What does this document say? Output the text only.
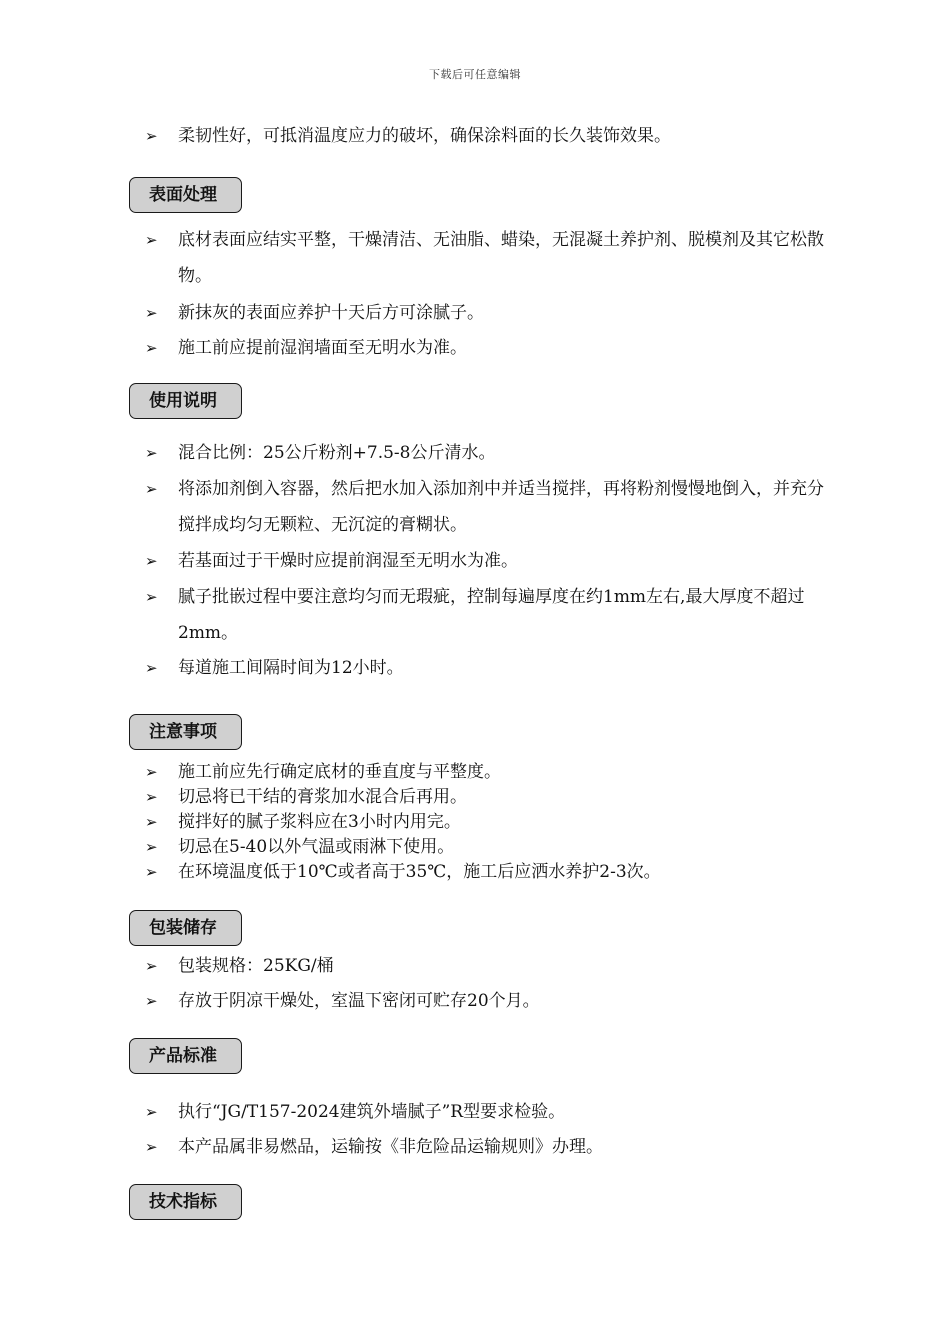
下载后可任意编辑
➢ 柔韧性好，可抵消温度应力的破坏，确保涂料面的长久装饰效果。
表面处理
➢ 底材表面应结实平整，干燥清洁、无油脂、蜡染，无混凝土养护剂、脱模剂及其它松散物。
➢ 新抹灰的表面应养护十天后方可涂腻子。
➢ 施工前应提前湿润墙面至无明水为准。
使用说明
➢ 混合比例：25公斤粉剂+7.5-8公斤清水。
➢ 将添加剂倒入容器，然后把水加入添加剂中并适当搅拌，再将粉剂慢慢地倒入，并充分搅拌成均匀无颗粒、无沉淀的膏糊状。
➢ 若基面过于干燥时应提前润湿至无明水为准。
➢ 腻子批嵌过程中要注意均匀而无瑕疵，控制每遍厚度在约1mm左右,最大厚度不超过2mm。
➢ 每道施工间隔时间为12小时。
注意事项
➢ 施工前应先行确定底材的垂直度与平整度。
➢ 切忌将已干结的膏浆加水混合后再用。
➢ 搅拌好的腻子浆料应在3小时内用完。
➢ 切忌在5-40以外气温或雨淋下使用。
➢ 在环境温度低于10℃或者高于35℃，施工后应洒水养护2-3次。
包装储存
➢ 包装规格：25KG/桶
➢ 存放于阴凉干燥处，室温下密闭可贮存20个月。
产品标准
➢ 执行“JG/T157-2024建筑外墙腻子”R型要求检验。
➢ 本产品属非易燃品，运输按《非危险品运输规则》办理。
技术指标
